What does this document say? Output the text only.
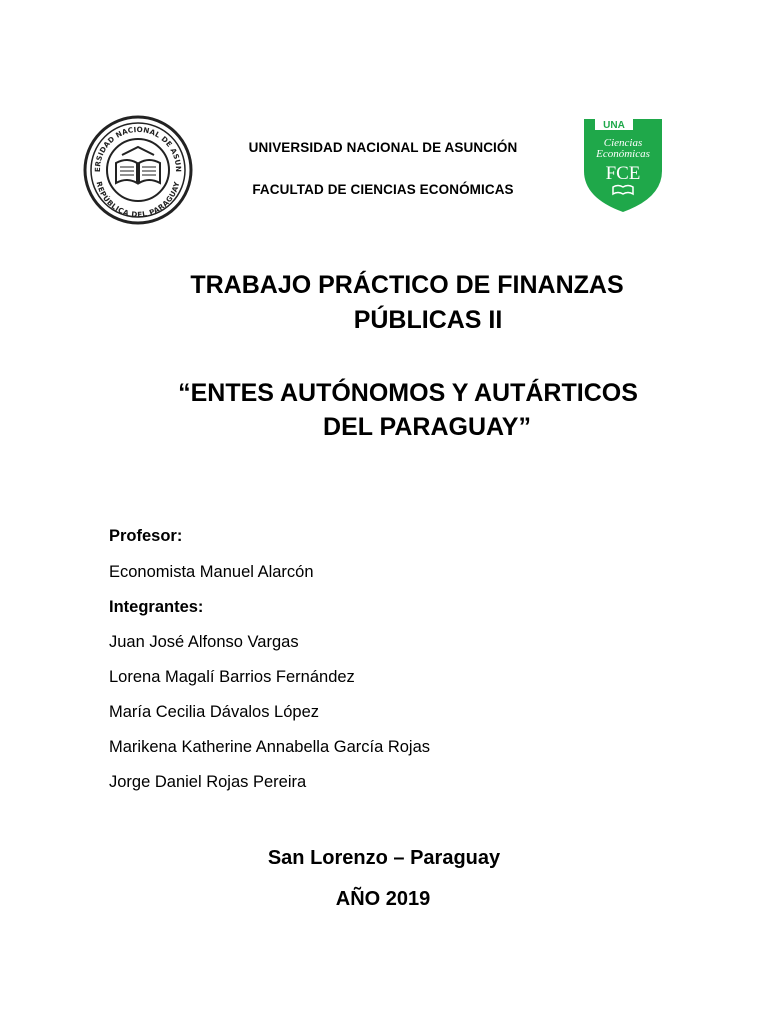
ERSIDAD NACIONAL DE ASUN
REPÚBLICA DEL PARAGUAY
UNIVERSIDAD NACIONAL DE ASUNCIÓN
FACULTAD DE CIENCIAS ECONÓMICAS
UNA
Ciencias
Económicas
FCE
TRABAJO PRÁCTICO DE FINANZAS
PÚBLICAS II
“ENTES AUTÓNOMOS Y AUTÁRTICOS
DEL PARAGUAY”
Profesor:
Economista Manuel Alarcón
Integrantes:
Juan José Alfonso Vargas
Lorena Magalí Barrios Fernández
María Cecilia Dávalos López
Marikena Katherine Annabella García Rojas
Jorge Daniel Rojas Pereira
San Lorenzo – Paraguay
AÑO 2019
